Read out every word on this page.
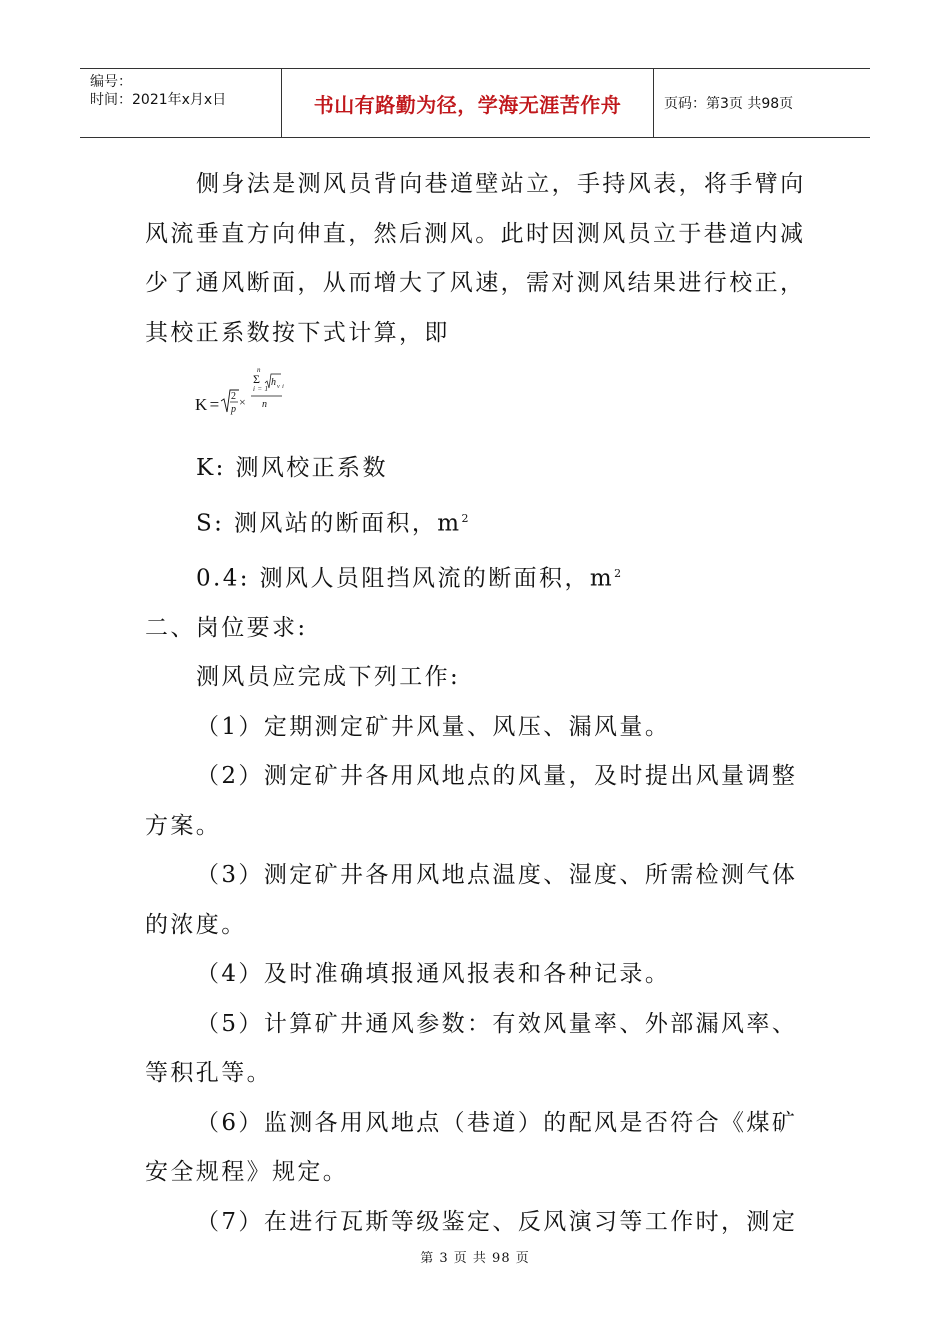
编号：
时间：2021年x月x日	书山有路勤为径，学海无涯苦作舟	页码：第3页 共98页

侧身法是测风员背向巷道壁站立，手持风表，将手臂向风流垂直方向伸直，然后测风。此时因测风员立于巷道内减少了通风断面，从而增大了风速，需对测风结果进行校正，其校正系数按下式计算，即

K= 2
p
×
n
Σ
i=1
h
vi
n

K: 测风校正系数

S: 测风站的断面积，$m^2$

0.4: 测风人员阻挡风流的断面积，$m^2$

二、岗位要求:

测风员应完成下列工作:

（1）定期测定矿井风量、风压、漏风量。

（2）测定矿井各用风地点的风量，及时提出风量调整方案。

（3）测定矿井各用风地点温度、湿度、所需检测气体的浓度。

（4）及时准确填报通风报表和各种记录。

（5）计算矿井通风参数：有效风量率、外部漏风率、等积孔等。

（6）监测各用风地点（巷道）的配风是否符合《煤矿安全规程》规定。

（7）在进行瓦斯等级鉴定、反风演习等工作时，测定

第 3 页 共 98 页
